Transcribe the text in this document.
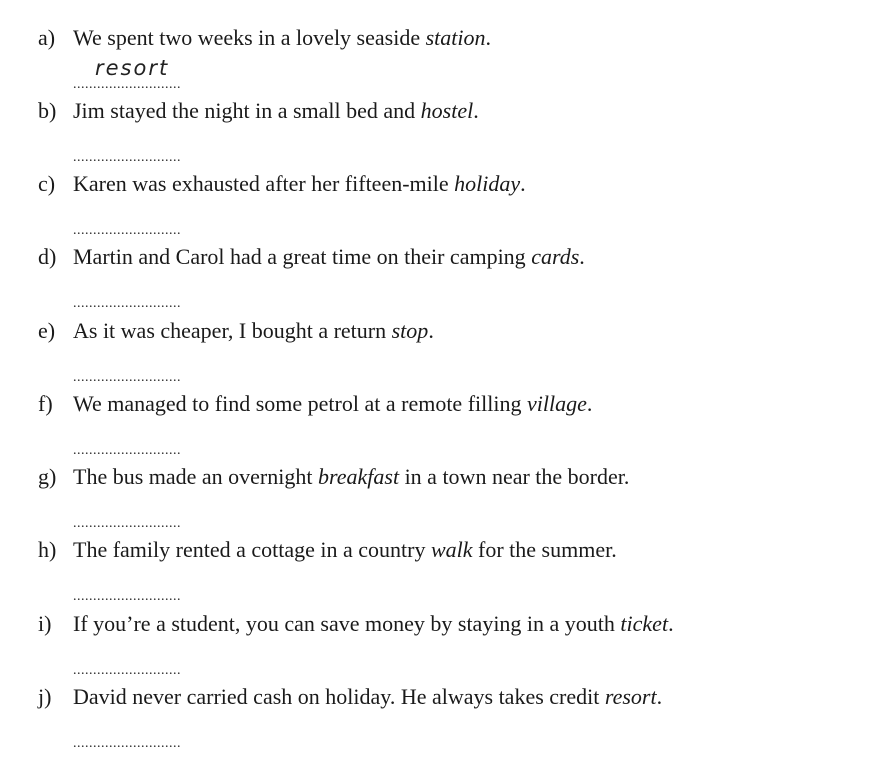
a) We spent two weeks in a lovely seaside station.
...........................
resort
b) Jim stayed the night in a small bed and hostel.
...........................
c) Karen was exhausted after her fifteen-mile holiday.
...........................
d) Martin and Carol had a great time on their camping cards.
...........................
e) As it was cheaper, I bought a return stop.
...........................
f) We managed to find some petrol at a remote filling village.
...........................
g) The bus made an overnight breakfast in a town near the border.
...........................
h) The family rented a cottage in a country walk for the summer.
...........................
i) If you’re a student, you can save money by staying in a youth ticket.
...........................
j) David never carried cash on holiday. He always takes credit resort.
...........................
